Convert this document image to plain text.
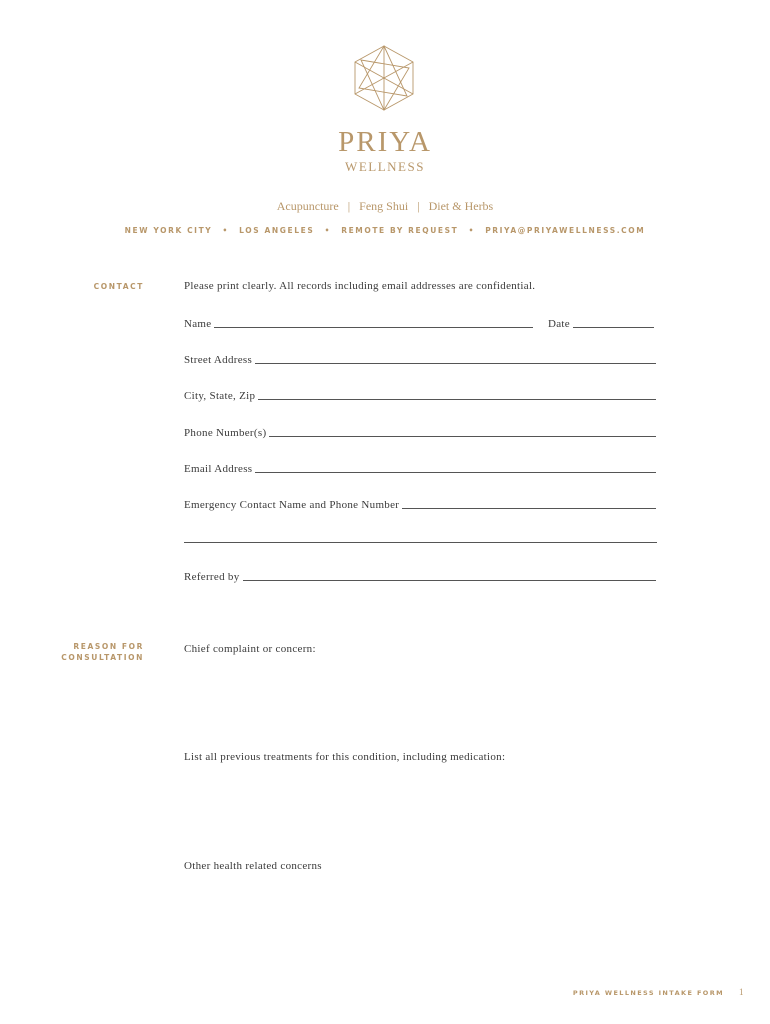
PRIYA
WELLNESS
Acupuncture | Feng Shui | Diet & Herbs
NEW YORK CITY • LOS ANGELES • REMOTE BY REQUEST • PRIYA@PRIYAWELLNESS.COM
CONTACT	Please print clearly. All records including email addresses are confidential.
Name	Date
Street Address
City, State, Zip
Phone Number(s)
Email Address
Emergency Contact Name and Phone Number
Referred by
REASON FOR
CONSULTATION
Chief complaint or concern:
List all previous treatments for this condition, including medication:
Other health related concerns
PRIYA WELLNESS INTAKE FORM 1
